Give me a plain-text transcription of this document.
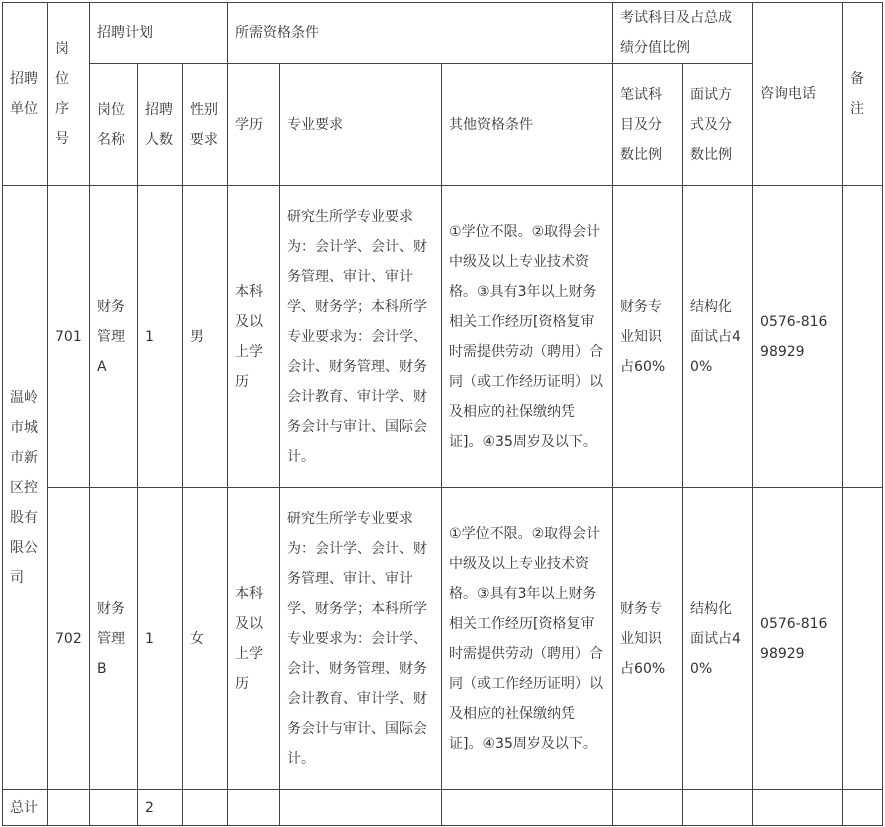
招聘单位	岗位序号	招聘计划			所需资格条件			考试科目及占总成绩分值比例		咨询电话	备注
		岗位名称	招聘人数	性别要求	学历	专业要求	其他资格条件	笔试科目及分数比例	面试方式及分数比例		
温岭市城市新区控股有限公司	701	财务管理A	1	男	本科及以上学历	研究生所学专业要求为：会计学、会计、财务管理、审计、审计学、财务学；本科所学专业要求为：会计学、会计、财务管理、财务会计教育、审计学、财务会计与审计、国际会计。	①学位不限。②取得会计中级及以上专业技术资格。③具有3年以上财务相关工作经历[资格复审时需提供劳动（聘用）合同（或工作经历证明）以及相应的社保缴纳凭证]。④35周岁及以下。	财务专业知识占60%	结构化面试占40%	0576-81698929	
	702	财务管理B	1	女	本科及以上学历	研究生所学专业要求为：会计学、会计、财务管理、审计、审计学、财务学；本科所学专业要求为：会计学、会计、财务管理、财务会计教育、审计学、财务会计与审计、国际会计。	①学位不限。②取得会计中级及以上专业技术资格。③具有3年以上财务相关工作经历[资格复审时需提供劳动（聘用）合同（或工作经历证明）以及相应的社保缴纳凭证]。④35周岁及以下。	财务专业知识占60%	结构化面试占40%	0576-81698929	
总计			2								
